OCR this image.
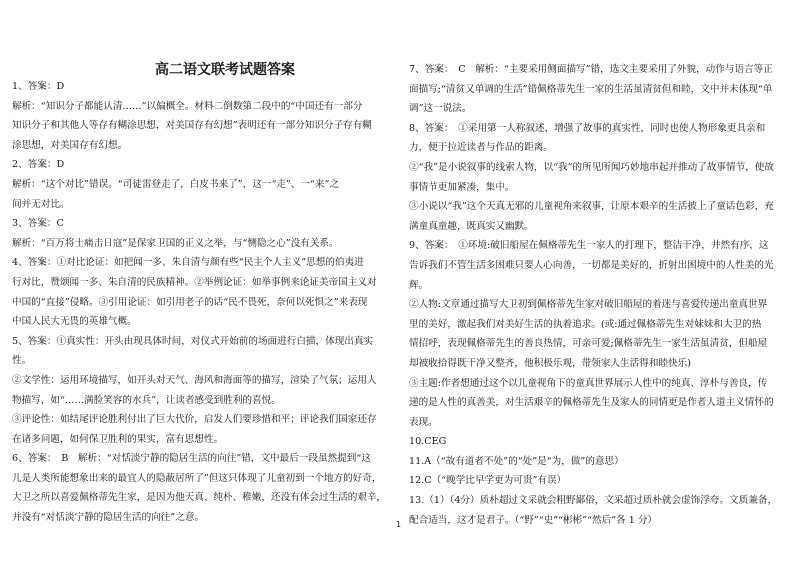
高二语文联考试题答案

1、答案：D

解析：“知识分子都能认清……”以偏概全。材料二倒数第二段中的“中国还有一部分

知识分子和其他人等存有糊涂思想，对美国存有幻想”表明还有一部分知识分子存有糊

涂思想，对美国存有幻想。

2、答案：D

解析：“这个对比”错误。“司徒雷登走了，白皮书来了”，这一“走”、一“来”之

间并无对比。

3、答案：C

解析：“百万将士痛击日寇”是保家卫国的正义之举，与“恻隐之心”没有关系。

4、答案：①对比论证：如把闻一多、朱自清与颜有些“民主个人主义”思想的伯夷进

行对比，赞颂闻一多、朱自清的民族精神。②举例论证：如举事例来论证美帝国主义对

中国的“直接”侵略。③引用论证：如引用老子的话“民不畏死，奈何以死惧之”来表现

中国人民大无畏的英雄气概。

5、答案：①真实性：开头由现具体时间，对仪式开始前的场面进行白描，体现出真实

性。

②文学性：运用环境描写，如开头对天气、海风和海面等的描写，渲染了气氛；运用人

物描写，如“……满脸笑容的水兵”，让读者感受到胜利的喜悦。

③评论性：如结尾评论胜利付出了巨大代价，启发人们要珍惜和平；评论我们国家还存

在诸多问题，如何保卫胜利的果实，富有思想性。

6、答案：　B　解析：“对恬淡宁静的隐居生活的向往”错，文中最后一段虽然提到“这

儿是人类所能想象出来的最宜人的隐蔽居所了”但这只体现了儿童初到一个地方的好奇，

大卫之所以喜爱佩格蒂先生家，是因为他天真、纯朴、稚嫩，还没有体会过生活的艰辛，

并没有“对恬淡宁静的隐居生活的向往”之意。

7、答案：　C　解析：“主要采用侧面描写”错，选文主要采用了外貌，动作与语言等正

面描写;“清贫又单调的生活”错佩格蒂先生一家的生活虽清贫但和睦，文中并未体现“单

调”这一说法。

8、答案：　①采用第一人称叙述，增强了故事的真实性，同时也使人物形象更具亲和

力，便于拉近读者与作品的距离。

②“我”是小说叙事的线索人物，以“我”的所见所闻巧妙地串起并推动了故事情节，使故

事情节更加紧凑，集中。

③小说以“我”这个天真无邪的儿童视角来叙事，让原本艰辛的生活披上了童话色彩，充

满童真童趣，既真实又幽默。

9、答案：　①环境:破旧船屋在佩格蒂先生一家人的打理下，整洁干净，井然有序，这

告诉我们不管生活多困难只要人心向善，一切都是美好的，折射出困境中的人性美的光

辉。

②人物:文章通过描写大卫初到佩格蒂先生家对破旧船屋的着迷与喜爱传递出童真世界

里的美好，激起我们对美好生活的执着追求。(或:通过佩格蒂先生对妹妹和大卫的热

情招呼，表现佩格蒂先生的善良热情，可亲可爱;佩格蒂先生一家生活虽清贫，但船屋

却被收拾得既干净又整齐，他积极乐观，带领家人生活得和睦快乐)

③主题:作者想通过这个以儿童视角下的童真世界展示人性中的纯真、淳朴与善良，传

递的是人性的真善美，对生活艰辛的佩格蒂先生及家人的同情更是作者人道主义情怀的

表现。

10.CEG

11.A（“故有道者不处”的“处”是“为，做”的意思）

12.C（“晚学比早学更为可贵”有误）

13.（1）（4分）质朴超过文采就会粗野鄙俗，文采超过质朴就会虚饰浮夸。文质兼备，

配合适当，这才是君子。（“野”“史”“彬彬”“然后”各 1 分）

1
